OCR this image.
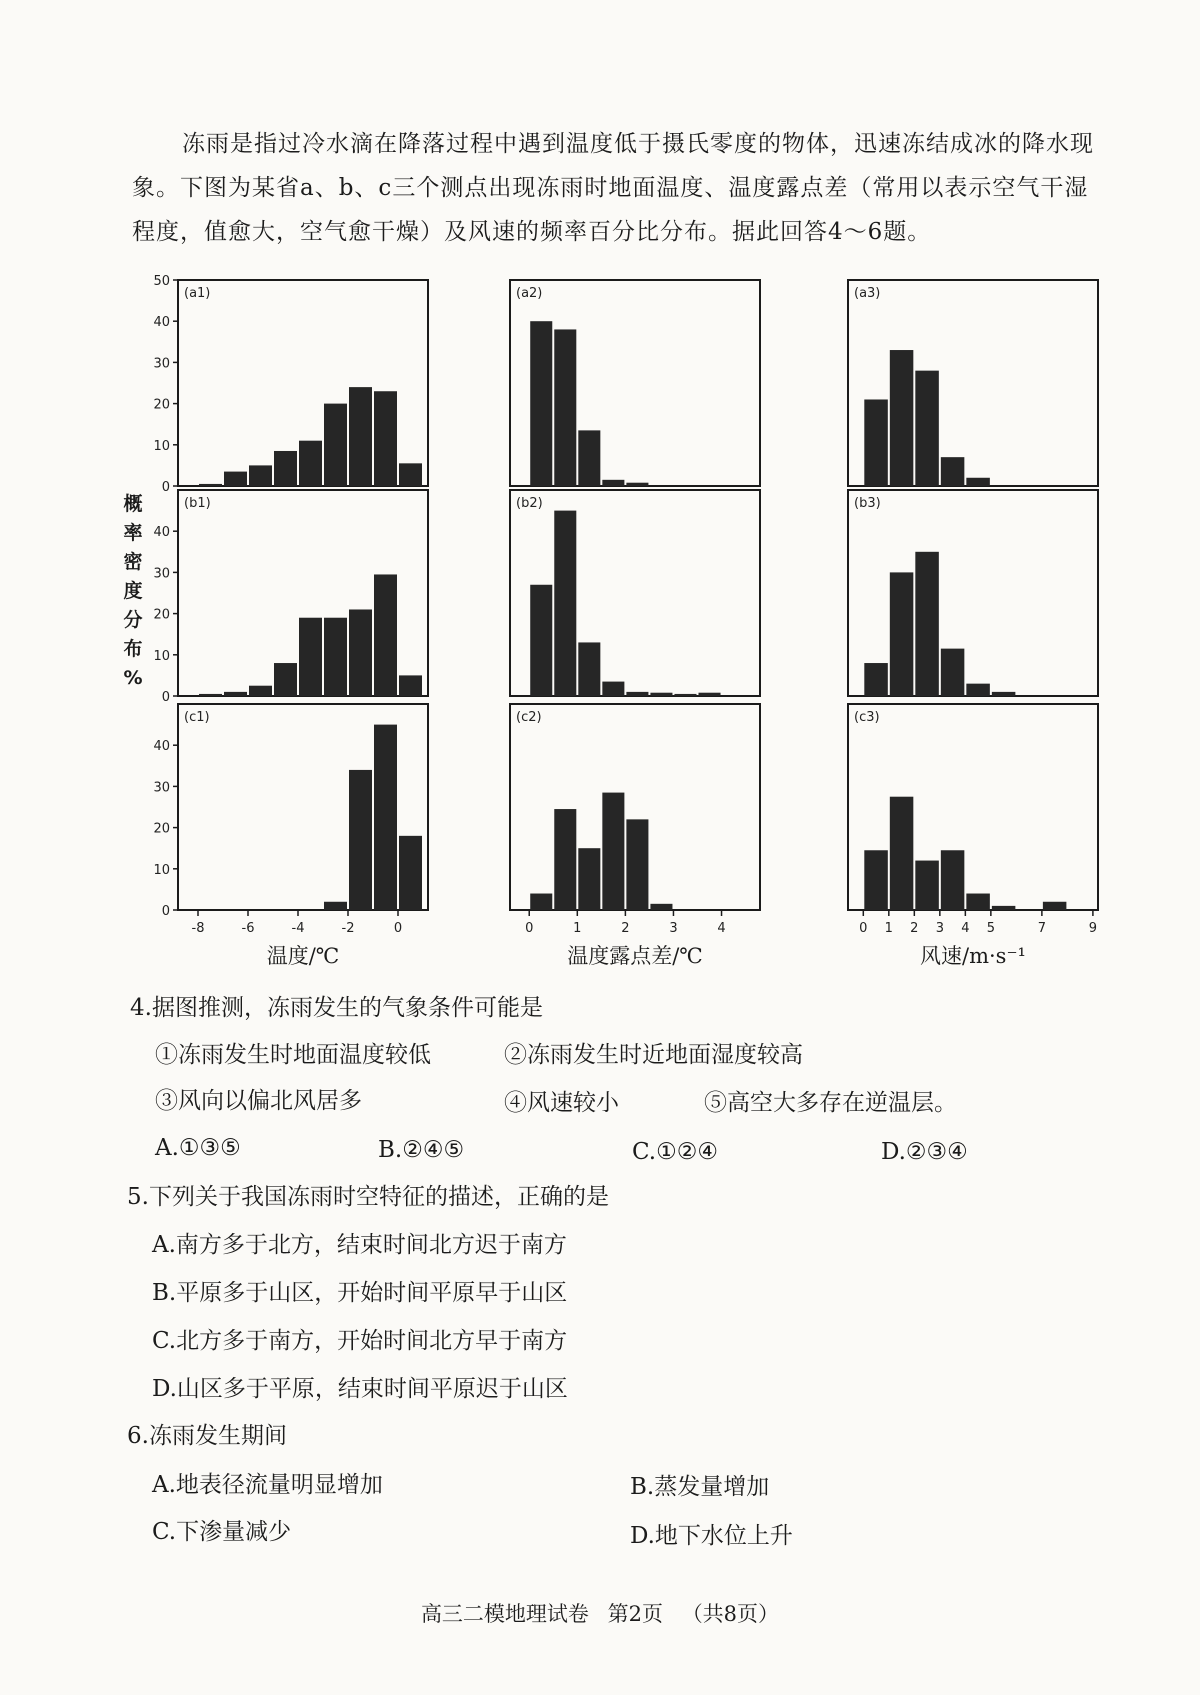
冻雨是指过冷水滴在降落过程中遇到温度低于摄氏零度的物体，迅速冻结成冰的降水现象。下图为某省a、b、c三个测点出现冻雨时地面温度、温度露点差（常用以表示空气干湿程度，值愈大，空气愈干燥）及风速的频率百分比分布。据此回答4～6题。

概
率
密
度
分
布
%
(a1)
0
10
20
30
40
50
(b1)
0
10
20
30
40
(c1)
0
10
20
30
40
-8	-6	-4	-2	0
温度/℃
(a2)
(b2)
(c2)
0	1	2	3	4
温度露点差/℃
(a3)
(b3)
(c3)
0 1 2 3 4 5	7	9
风速/m·s⁻¹

4.据图推测，冻雨发生的气象条件可能是

①冻雨发生时地面温度较低	②冻雨发生时近地面湿度较高

③风向以偏北风居多	④风速较小	⑤高空大多存在逆温层。

A.①③⑤	B.②④⑤	C.①②④	D.②③④

5.下列关于我国冻雨时空特征的描述，正确的是

A.南方多于北方，结束时间北方迟于南方

B.平原多于山区，开始时间平原早于山区

C.北方多于南方，开始时间北方早于南方

D.山区多于平原，结束时间平原迟于山区

6.冻雨发生期间

A.地表径流量明显增加	B.蒸发量增加

C.下渗量减少	D.地下水位上升

高三二模地理试卷 第2页 （共8页）
